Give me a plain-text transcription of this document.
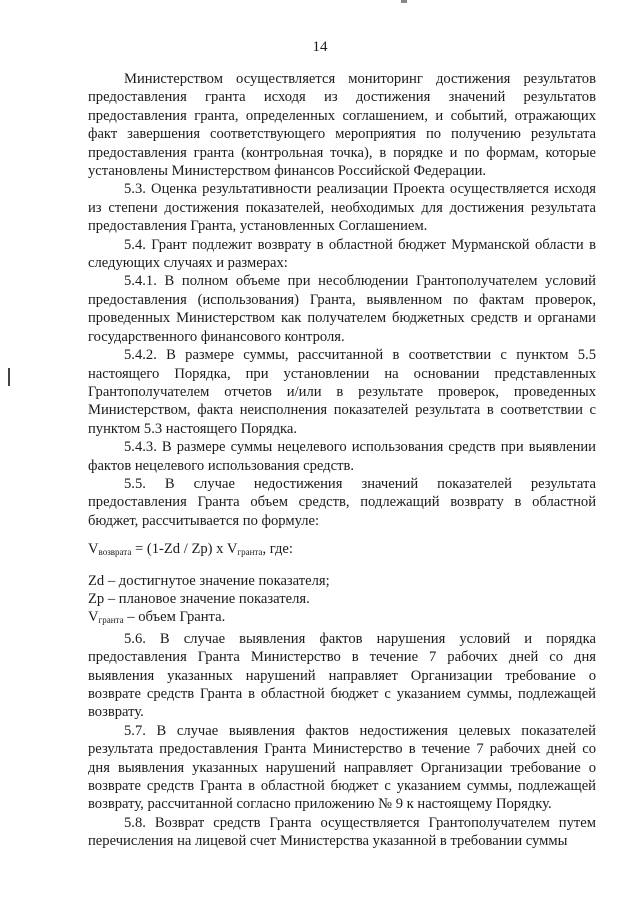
14

Министерством осуществляется мониторинг достижения результатов предоставления гранта исходя из достижения значений результатов предоставления гранта, определенных соглашением, и событий, отражающих факт завершения соответствующего мероприятия по получению результата предоставления гранта (контрольная точка), в порядке и по формам, которые установлены Министерством финансов Российской Федерации.

5.3. Оценка результативности реализации Проекта осуществляется исходя из степени достижения показателей, необходимых для достижения результата предоставления Гранта, установленных Соглашением.

5.4. Грант подлежит возврату в областной бюджет Мурманской области в следующих случаях и размерах:

5.4.1. В полном объеме при несоблюдении Грантополучателем условий предоставления (использования) Гранта, выявленном по фактам проверок, проведенных Министерством как получателем бюджетных средств и органами государственного финансового контроля.

5.4.2. В размере суммы, рассчитанной в соответствии с пунктом 5.5 настоящего Порядка, при установлении на основании представленных Грантополучателем отчетов и/или в результате проверок, проведенных Министерством, факта неисполнения показателей результата в соответствии с пунктом 5.3 настоящего Порядка.

5.4.3. В размере суммы нецелевого использования средств при выявлении фактов нецелевого использования средств.

5.5. В случае недостижения значений показателей результата предоставления Гранта объем средств, подлежащий возврату в областной бюджет, рассчитывается по формуле:

$V_{возврата} = (1-Zd / Zp)$ x $V_{гранта}$, где:

Zd – достигнутое значение показателя;

Zp – плановое значение показателя.

$V_{гранта}$ – объем Гранта.

5.6. В случае выявления фактов нарушения условий и порядка предоставления Гранта Министерство в течение 7 рабочих дней со дня выявления указанных нарушений направляет Организации требование о возврате средств Гранта в областной бюджет с указанием суммы, подлежащей возврату.

5.7. В случае выявления фактов недостижения целевых показателей результата предоставления Гранта Министерство в течение 7 рабочих дней со дня выявления указанных нарушений направляет Организации требование о возврате средств Гранта в областной бюджет с указанием суммы, подлежащей возврату, рассчитанной согласно приложению № 9 к настоящему Порядку.

5.8. Возврат средств Гранта осуществляется Грантополучателем путем перечисления на лицевой счет Министерства указанной в требовании суммы
